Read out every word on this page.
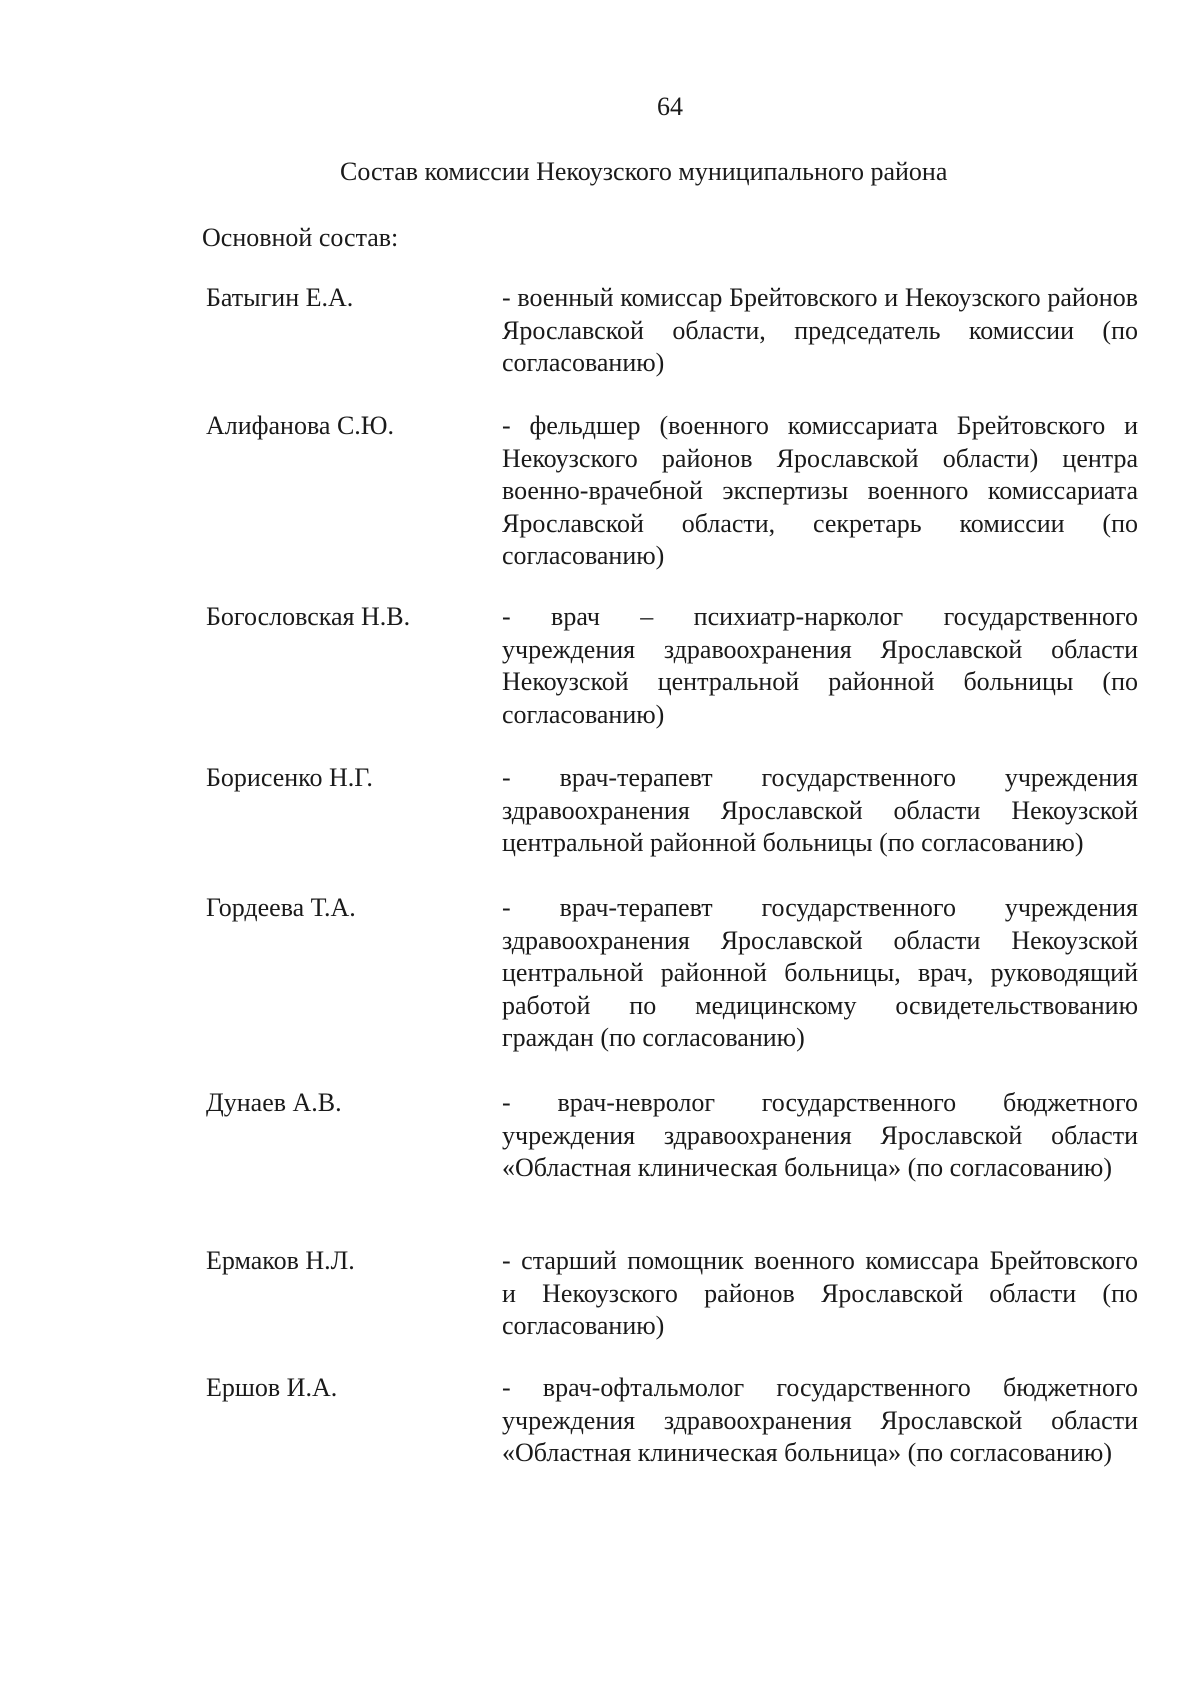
64
Состав комиссии Некоузского муниципального района
Основной состав:
Батыгин Е.А.	- военный комиссар Брейтовского и Некоузского районов Ярославской области, председатель комиссии (по согласованию)
Алифанова С.Ю.	- фельдшер (военного комиссариата Брейтовского и Некоузского районов Ярославской области) центра военно-врачебной экспертизы военного комиссариата Ярославской области, секретарь комиссии (по согласованию)
Богословская Н.В.	- врач – психиатр-нарколог государственного учреждения здравоохранения Ярославской области Некоузской центральной районной больницы (по согласованию)
Борисенко Н.Г.	- врач-терапевт государственного учреждения здравоохранения Ярославской области Некоузской центральной районной больницы (по согласованию)
Гордеева Т.А.	- врач-терапевт государственного учреждения здравоохранения Ярославской области Некоузской центральной районной больницы, врач, руководящий работой по медицинскому освидетельствованию граждан (по согласованию)
Дунаев А.В.	- врач-невролог государственного бюджетного учреждения здравоохранения Ярославской области «Областная клиническая больница» (по согласованию)
Ермаков Н.Л.	- старший помощник военного комиссара Брейтовского и Некоузского районов Ярославской области (по согласованию)
Ершов И.А.	- врач-офтальмолог государственного бюджетного учреждения здравоохранения Ярославской области «Областная клиническая больница» (по согласованию)
